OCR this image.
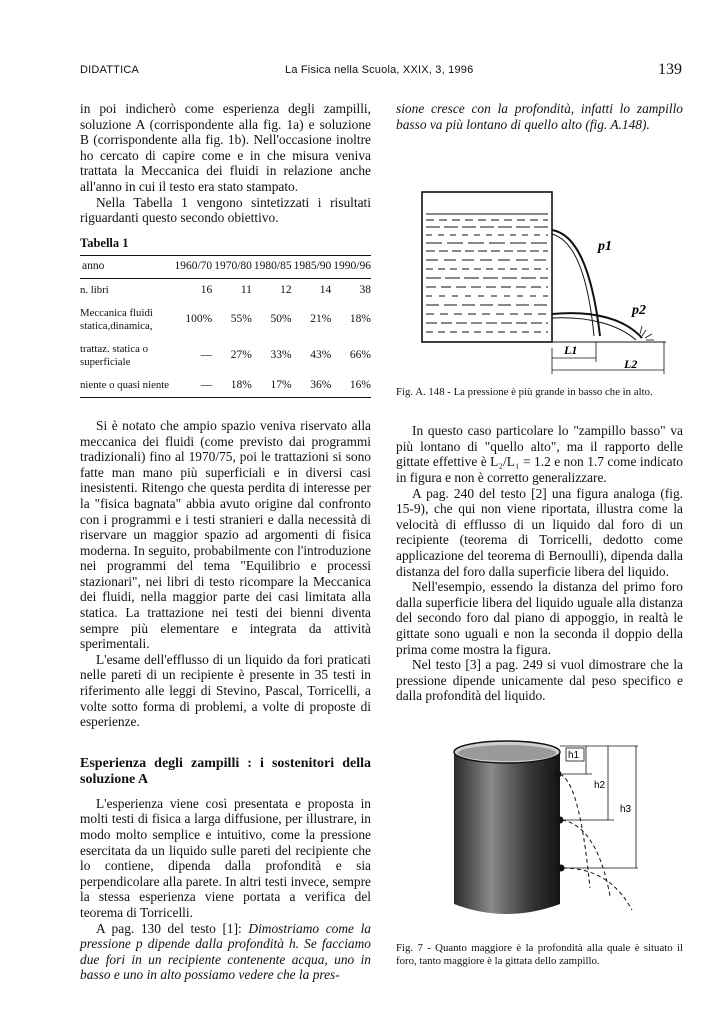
DIDATTICA	La Fisica nella Scuola, XXIX, 3, 1996	139

in poi indicherò come esperienza degli zampilli, soluzione A (corrispondente alla fig. 1a) e soluzione B (corrispondente alla fig. 1b). Nell'occasione inoltre ho cercato di capire come e in che misura veniva trattata la Meccanica dei fluidi in relazione anche all'anno in cui il testo era stato stampato.

Nella Tabella 1 vengono sintetizzati i risultati riguardanti questo secondo obiettivo.

Tabella 1
anno	1960/70	1970/80	1980/85	1985/90	1990/96
n. libri	16	11	12	14	38
Meccanica fluidi statica,dinamica,	100%	55%	50%	21%	18%
trattaz. statica o superficiale	—	27%	33%	43%	66%
niente o quasi niente	—	18%	17%	36%	16%

Si è notato che ampio spazio veniva riservato alla meccanica dei fluidi (come previsto dai programmi tradizionali) fino al 1970/75, poi le trattazioni si sono fatte man mano più superficiali e in diversi casi inesistenti. Ritengo che questa perdita di interesse per la "fisica bagnata" abbia avuto origine dal confronto con i programmi e i testi stranieri e dalla necessità di riservare un maggior spazio ad argomenti di fisica moderna. In seguito, probabilmente con l'introduzione nei programmi del tema "Equilibrio e processi stazionari", nei libri di testo ricompare la Meccanica dei fluidi, nella maggior parte dei casi limitata alla statica. La trattazione nei testi dei bienni diventa sempre più elementare e integrata da attività sperimentali.

L'esame dell'efflusso di un liquido da fori praticati nelle pareti di un recipiente è presente in 35 testi in riferimento alle leggi di Stevino, Pascal, Torricelli, a volte sotto forma di problemi, a volte di proposte di esperienze.

Esperienza degli zampilli : i sostenitori della soluzione A

L'esperienza viene così presentata e proposta in molti testi di fisica a larga diffusione, per illustrare, in modo molto semplice e intuitivo, come la pressione esercitata da un liquido sulle pareti del recipiente che lo contiene, dipenda dalla profondità e sia perpendicolare alla parete. In altri testi invece, sempre la stessa esperienza viene portata a verifica del teorema di Torricelli.

A pag. 130 del testo [1]: Dimostriamo come la pressione p dipende dalla profondità h. Se facciamo due fori in un recipiente contenente acqua, uno in basso e uno in alto possiamo vedere che la pres-

sione cresce con la profondità, infatti lo zampillo basso va più lontano di quello alto (fig. A.148).

p1
p2
L1
L2

Fig. A. 148 - La pressione è più grande in basso che in alto.

In questo caso particolare lo "zampillo basso" va più lontano di "quello alto", ma il rapporto delle gittate effettive è L₂/L₁ = 1.2 e non 1.7 come indicato in figura e non è corretto generalizzare.

A pag. 240 del testo [2] una figura analoga (fig. 15-9), che qui non viene riportata, illustra come la velocità di efflusso di un liquido dal foro di un recipiente (teorema di Torricelli, dedotto come applicazione del teorema di Bernoulli), dipenda dalla distanza del foro dalla superficie libera del liquido.

Nell'esempio, essendo la distanza del primo foro dalla superficie libera del liquido uguale alla distanza del secondo foro dal piano di appoggio, in realtà le gittate sono uguali e non la seconda il doppio della prima come mostra la figura.

Nel testo [3] a pag. 249 si vuol dimostrare che la pressione dipende unicamente dal peso specifico e dalla profondità del liquido.

h1
h2
h3

Fig. 7 - Quanto maggiore è la profondità alla quale è situato il foro, tanto maggiore è la gittata dello zampillo.
